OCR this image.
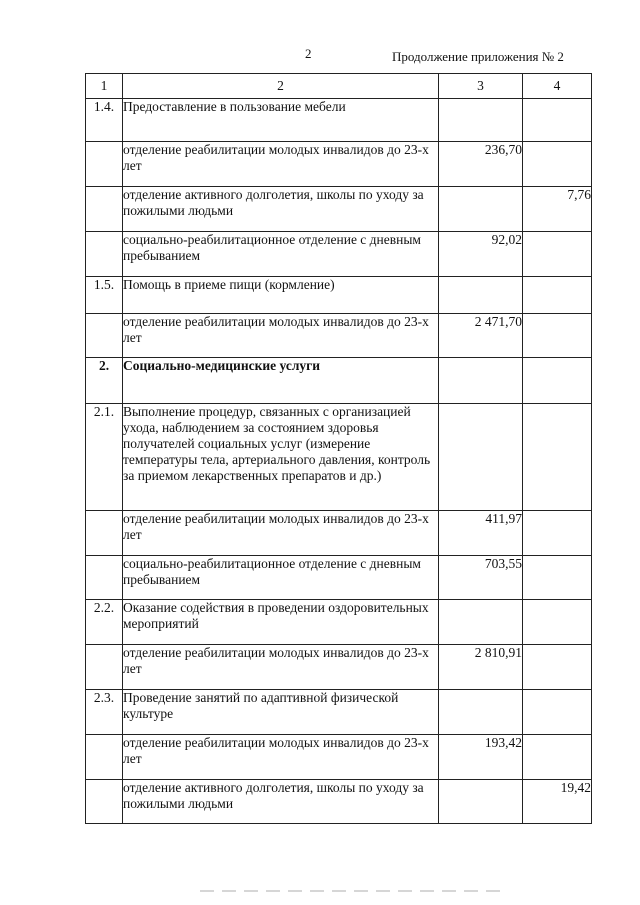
2	Продолжение приложения № 2
1	2	3	4
1.4.	Предоставление в пользование мебели		
	отделение реабилитации молодых инвалидов до 23-х лет	236,70	
	отделение активного долголетия, школы по уходу за пожилыми людьми		7,76
	социально-реабилитационное отделение с дневным пребыванием	92,02	
1.5.	Помощь в приеме пищи (кормление)		
	отделение реабилитации молодых инвалидов до 23-х лет	2 471,70	
2.	Социально-медицинские услуги		
2.1.	Выполнение процедур, связанных с организацией ухода, наблюдением за состоянием здоровья получателей социальных услуг (измерение температуры тела, артериального давления, контроль за приемом лекарственных препаратов и др.)		
	отделение реабилитации молодых инвалидов до 23-х лет	411,97	
	социально-реабилитационное отделение с дневным пребыванием	703,55	
2.2.	Оказание содействия в проведении оздоровительных мероприятий		
	отделение реабилитации молодых инвалидов до 23-х лет	2 810,91	
2.3.	Проведение занятий по адаптивной физической культуре		
	отделение реабилитации молодых инвалидов до 23-х лет	193,42	
	отделение активного долголетия, школы по уходу за пожилыми людьми		19,42
